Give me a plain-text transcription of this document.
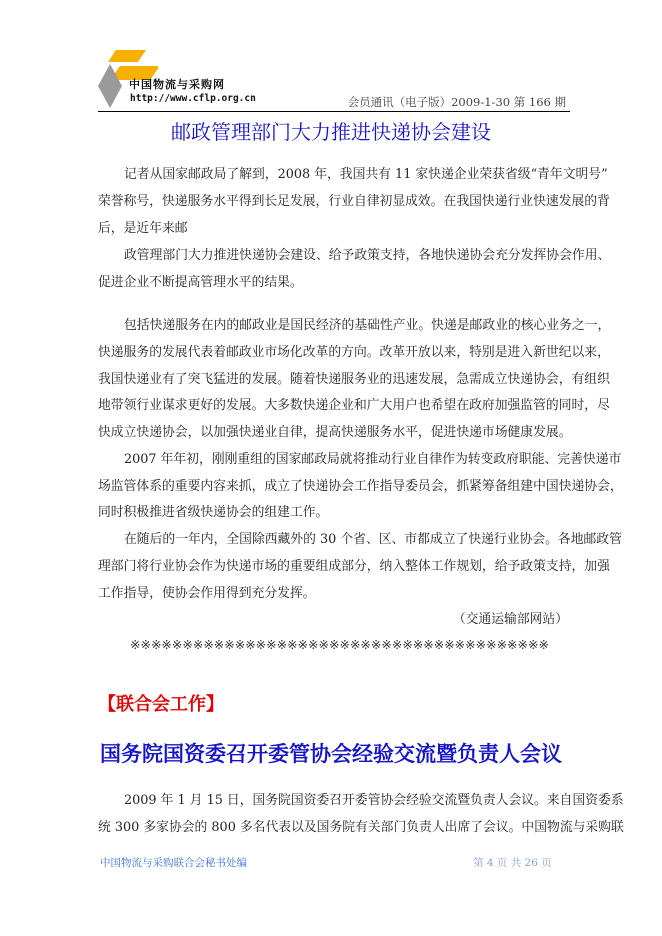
中国物流与采购网
http://www.cflp.org.cn	会员通讯（电子版）2009-1-30 第 166 期
邮政管理部门大力推进快递协会建设
记者从国家邮政局了解到，2008 年，我国共有 11 家快递企业荣获省级“青年文明号”
荣誉称号，快递服务水平得到长足发展，行业自律初显成效。在我国快递行业快速发展的背
后，是近年来邮
政管理部门大力推进快递协会建设、给予政策支持，各地快递协会充分发挥协会作用、
促进企业不断提高管理水平的结果。
包括快递服务在内的邮政业是国民经济的基础性产业。快递是邮政业的核心业务之一，
快递服务的发展代表着邮政业市场化改革的方向。改革开放以来，特别是进入新世纪以来，
我国快递业有了突飞猛进的发展。随着快递服务业的迅速发展，急需成立快递协会，有组织
地带领行业谋求更好的发展。大多数快递企业和广大用户也希望在政府加强监管的同时，尽
快成立快递协会，以加强快递业自律，提高快递服务水平，促进快递市场健康发展。
2007 年年初，刚刚重组的国家邮政局就将推动行业自律作为转变政府职能、完善快递市
场监管体系的重要内容来抓，成立了快递协会工作指导委员会，抓紧筹备组建中国快递协会，
同时积极推进省级快递协会的组建工作。
在随后的一年内，全国除西藏外的 30 个省、区、市都成立了快递行业协会。各地邮政管
理部门将行业协会作为快递市场的重要组成部分，纳入整体工作规划，给予政策支持，加强
工作指导，使协会作用得到充分发挥。
（交通运输部网站）
※※※※※※※※※※※※※※※※※※※※※※※※※※※※※※※※※※※※※※※※
【联合会工作】
国务院国资委召开委管协会经验交流暨负责人会议
2009 年 1 月 15 日，国务院国资委召开委管协会经验交流暨负责人会议。来自国资委系
统 300 多家协会的 800 多名代表以及国务院有关部门负责人出席了会议。中国物流与采购联
中国物流与采购联合会秘书处编	第 4 页 共 26 页
